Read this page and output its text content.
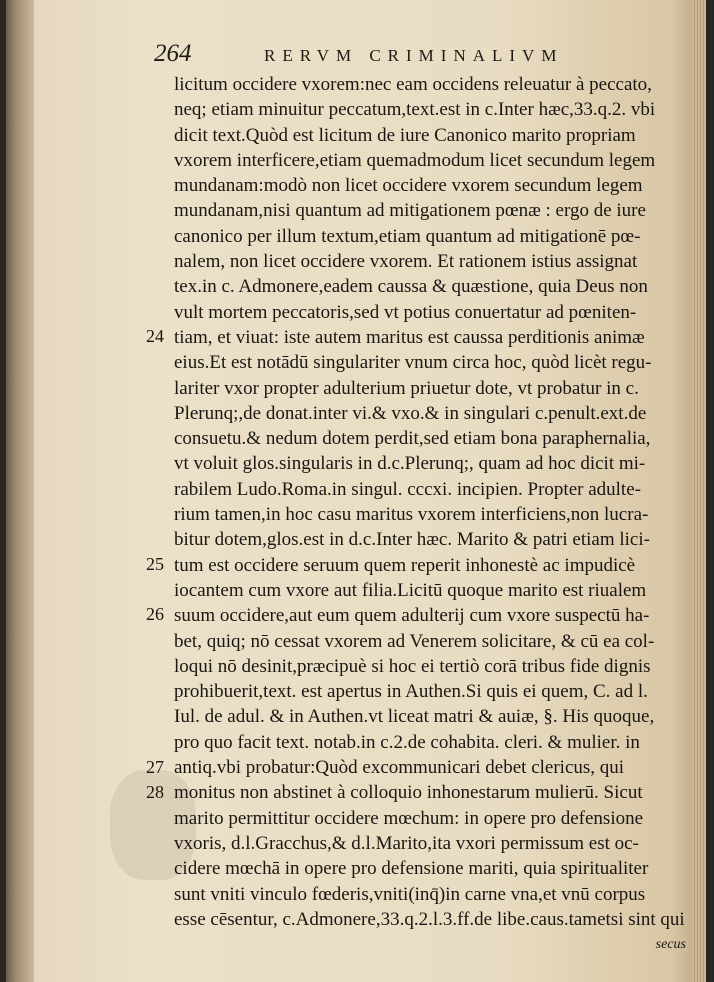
264	RERVM CRIMINALIVM
24
25
26
27
28
licitum occidere vxorem:nec eam occidens releuatur à peccato,
neq; etiam minuitur peccatum,text.est in c.Inter hæc,33.q.2. vbi
dicit text.Quòd est licitum de iure Canonico marito propriam
vxorem interficere,etiam quemadmodum licet secundum legem
mundanam:modò non licet occidere vxorem secundum legem
mundanam,nisi quantum ad mitigationem pœnæ : ergo de iure
canonico per illum textum,etiam quantum ad mitigationē pœ-
nalem, non licet occidere vxorem. Et rationem istius assignat
tex.in c. Admonere,eadem caussa & quæstione, quia Deus non
vult mortem peccatoris,sed vt potius conuertatur ad pœniten-
tiam, et viuat: iste autem maritus est caussa perditionis animæ
eius.Et est notādū singulariter vnum circa hoc, quòd licèt regu-
lariter vxor propter adulterium priuetur dote, vt probatur in c.
Plerunq;,de donat.inter vi.& vxo.& in singulari c.penult.ext.de
consuetu.& nedum dotem perdit,sed etiam bona paraphernalia,
vt voluit glos.singularis in d.c.Plerunq;, quam ad hoc dicit mi-
rabilem Ludo.Roma.in singul. cccxi. incipien. Propter adulte-
rium tamen,in hoc casu maritus vxorem interficiens,non lucra-
bitur dotem,glos.est in d.c.Inter hæc. Marito & patri etiam lici-
tum est occidere seruum quem reperit inhonestè ac impudicè
iocantem cum vxore aut filia.Licitū quoque marito est riualem
suum occidere,aut eum quem adulterij cum vxore suspectū ha-
bet, quiq; nō cessat vxorem ad Venerem solicitare, & cū ea col-
loqui nō desinit,præcipuè si hoc ei tertiò corā tribus fide dignis
prohibuerit,text. est apertus in Authen.Si quis ei quem, C. ad l.
Iul. de adul. & in Authen.vt liceat matri & auiæ, §. His quoque,
pro quo facit text. notab.in c.2.de cohabita. cleri. & mulier. in
antiq.vbi probatur:Quòd excommunicari debet clericus, qui
monitus non abstinet à colloquio inhonestarum mulierū. Sicut
marito permittitur occidere mœchum: in opere pro defensione
vxoris, d.l.Gracchus,& d.l.Marito,ita vxori permissum est oc-
cidere mœchā in opere pro defensione mariti, quia spiritualiter
sunt vniti vinculo fœderis,vniti(inq̄)in carne vna,et vnū corpus
esse cēsentur, c.Admonere,33.q.2.l.3.ff.de libe.caus.tametsi sint qui
secus
